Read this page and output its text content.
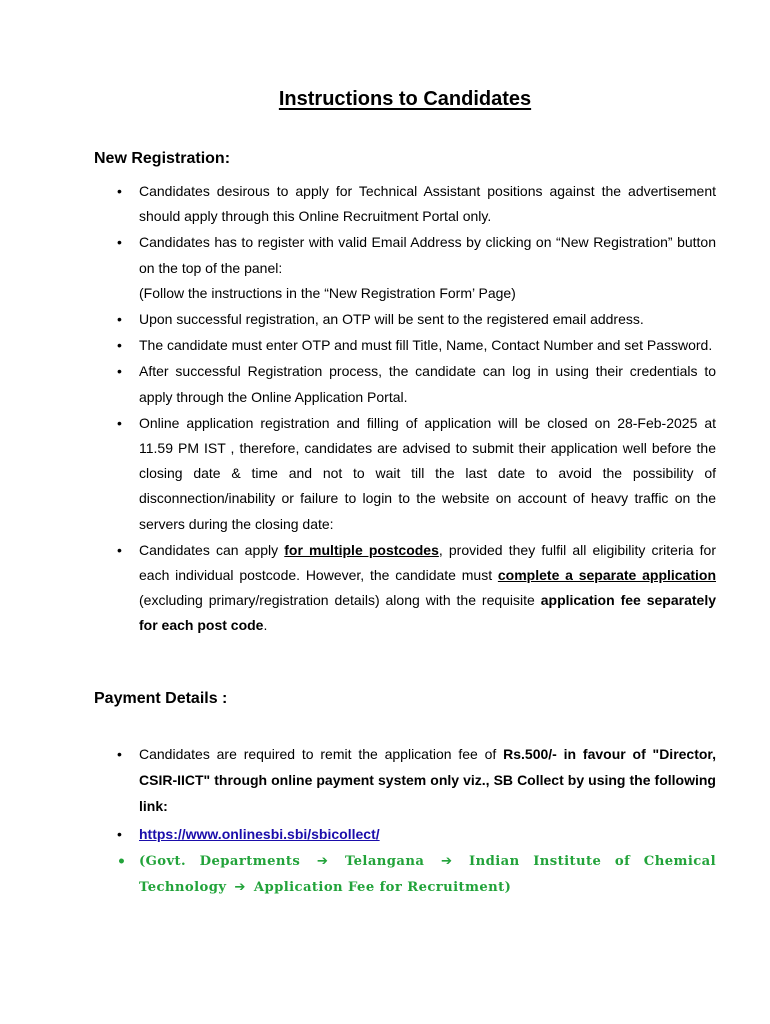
Instructions to Candidates
New Registration:
• Candidates desirous to apply for Technical Assistant positions against the advertisement should apply through this Online Recruitment Portal only.
• Candidates has to register with valid Email Address by clicking on “New Registration” button on the top of the panel:
(Follow the instructions in the “New Registration Form’ Page)
• Upon successful registration, an OTP will be sent to the registered email address.
• The candidate must enter OTP and must fill Title, Name, Contact Number and set Password.
• After successful Registration process, the candidate can log in using their credentials to apply through the Online Application Portal.
• Online application registration and filling of application will be closed on 28-Feb-2025 at 11.59 PM IST , therefore, candidates are advised to submit their application well before the closing date & time and not to wait till the last date to avoid the possibility of disconnection/inability or failure to login to the website on account of heavy traffic on the servers during the closing date:
• Candidates can apply for multiple postcodes, provided they fulfil all eligibility criteria for each individual postcode. However, the candidate must complete a separate application (excluding primary/registration details) along with the requisite application fee separately for each post code.
Payment Details :
• Candidates are required to remit the application fee of Rs.500/- in favour of "Director, CSIR-IICT" through online payment system only viz., SB Collect by using the following link:
• https://www.onlinesbi.sbi/sbicollect/
• (Govt. Departments ➔ Telangana ➔ Indian Institute of Chemical Technology ➔ Application Fee for Recruitment)
